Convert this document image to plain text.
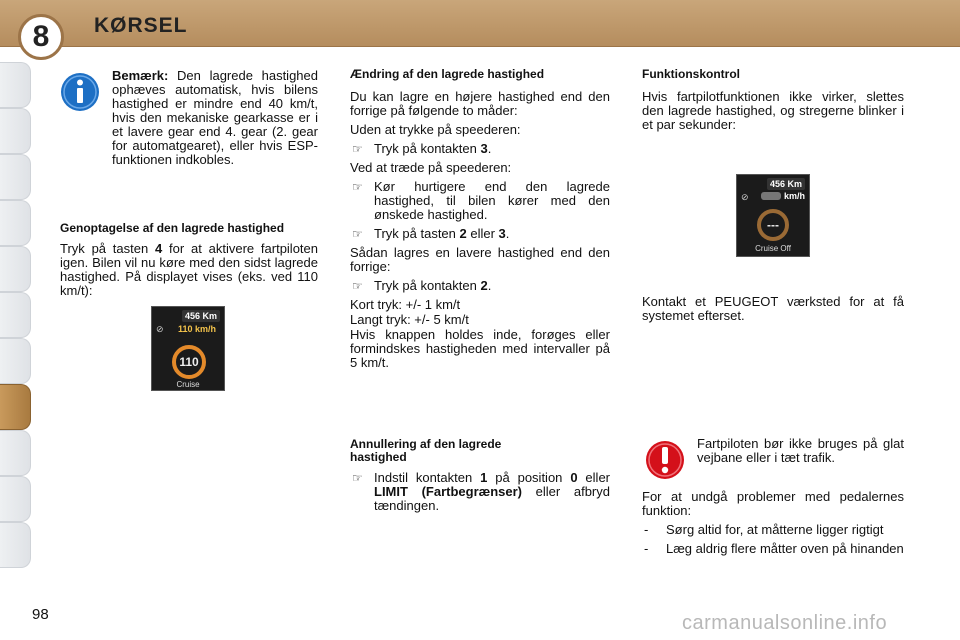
8	KØRSEL

Bemærk: Den lagrede hastighed ophæves automatisk, hvis bilens hastighed er mindre end 40 km/t, hvis den mekaniske gearkasse er i et lavere gear end 4. gear (2. gear for automatgearet), eller hvis ESP-funktionen indkobles.

Genoptagelse af den lagrede hastighed

Tryk på tasten 4 for at aktivere fartpiloten igen. Bilen vil nu køre med den sidst lagrede hastighed. På displayet vises (eks. ved 110 km/t):

456 Km
⊘ 110 km/h
110
Cruise
Ændring af den lagrede hastighed

Du kan lagre en højere hastighed end den forrige på følgende to måder:

Uden at trykke på speederen:

☞ Tryk på kontakten 3.

Ved at træde på speederen:

☞ Kør hurtigere end den lagrede hastighed, til bilen kører med den ønskede hastighed.
☞ Tryk på tasten 2 eller 3.

Sådan lagres en lavere hastighed end den forrige:

☞ Tryk på kontakten 2.

Kort tryk: +/- 1 km/t

Langt tryk: +/- 5 km/t

Hvis knappen holdes inde, forøges eller formindskes hastigheden med intervaller på 5 km/t.

Annullering af den lagrede hastighed
☞ Indstil kontakten 1 på position 0 eller LIMIT (Fartbegrænser) eller afbryd tændingen.
Funktionskontrol

Hvis fartpilotfunktionen ikke virker, slettes den lagrede hastighed, og stregerne blinker i et par sekunder:

456 Km
⊘	km/h
---
Cruise Off

Kontakt et PEUGEOT værksted for at få systemet efterset.

Fartpiloten bør ikke bruges på glat vejbane eller i tæt trafik.

For at undgå problemer med pedalernes funktion:

- Sørg altid for, at måtterne ligger rigtigt
- Læg aldrig flere måtter oven på hinanden
98	carmanualsonline.info
